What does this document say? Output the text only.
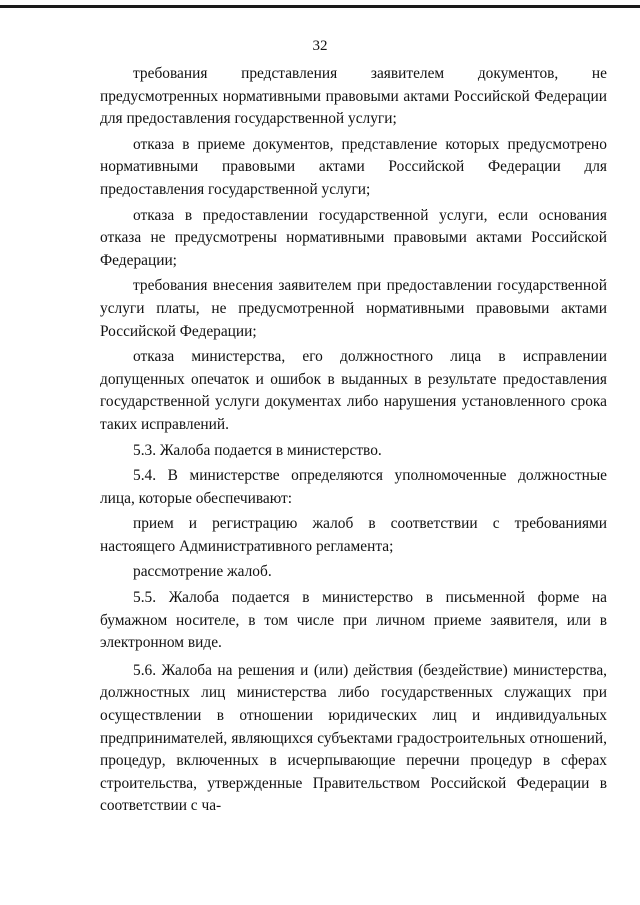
32

требования представления заявителем документов, не предусмотренных нормативными правовыми актами Российской Федерации для предоставления государственной услуги;

отказа в приеме документов, представление которых предусмотрено нормативными правовыми актами Российской Федерации для предоставления государственной услуги;

отказа в предоставлении государственной услуги, если основания отказа не предусмотрены нормативными правовыми актами Российской Федерации;

требования внесения заявителем при предоставлении государственной услуги платы, не предусмотренной нормативными правовыми актами Российской Федерации;

отказа министерства, его должностного лица в исправлении допущенных опечаток и ошибок в выданных в результате предоставления государственной услуги документах либо нарушения установленного срока таких исправлений.

5.3. Жалоба подается в министерство.

5.4. В министерстве определяются уполномоченные должностные лица, которые обеспечивают:

прием и регистрацию жалоб в соответствии с требованиями настоящего Административного регламента;

рассмотрение жалоб.

5.5. Жалоба подается в министерство в письменной форме на бумажном носителе, в том числе при личном приеме заявителя, или в электронном виде.

5.6. Жалоба на решения и (или) действия (бездействие) министерства, должностных лиц министерства либо государственных служащих при осуществлении в отношении юридических лиц и индивидуальных предпринимателей, являющихся субъектами градостроительных отношений, процедур, включенных в исчерпывающие перечни процедур в сферах строительства, утвержденные Правительством Российской Федерации в соответствии с ча-
